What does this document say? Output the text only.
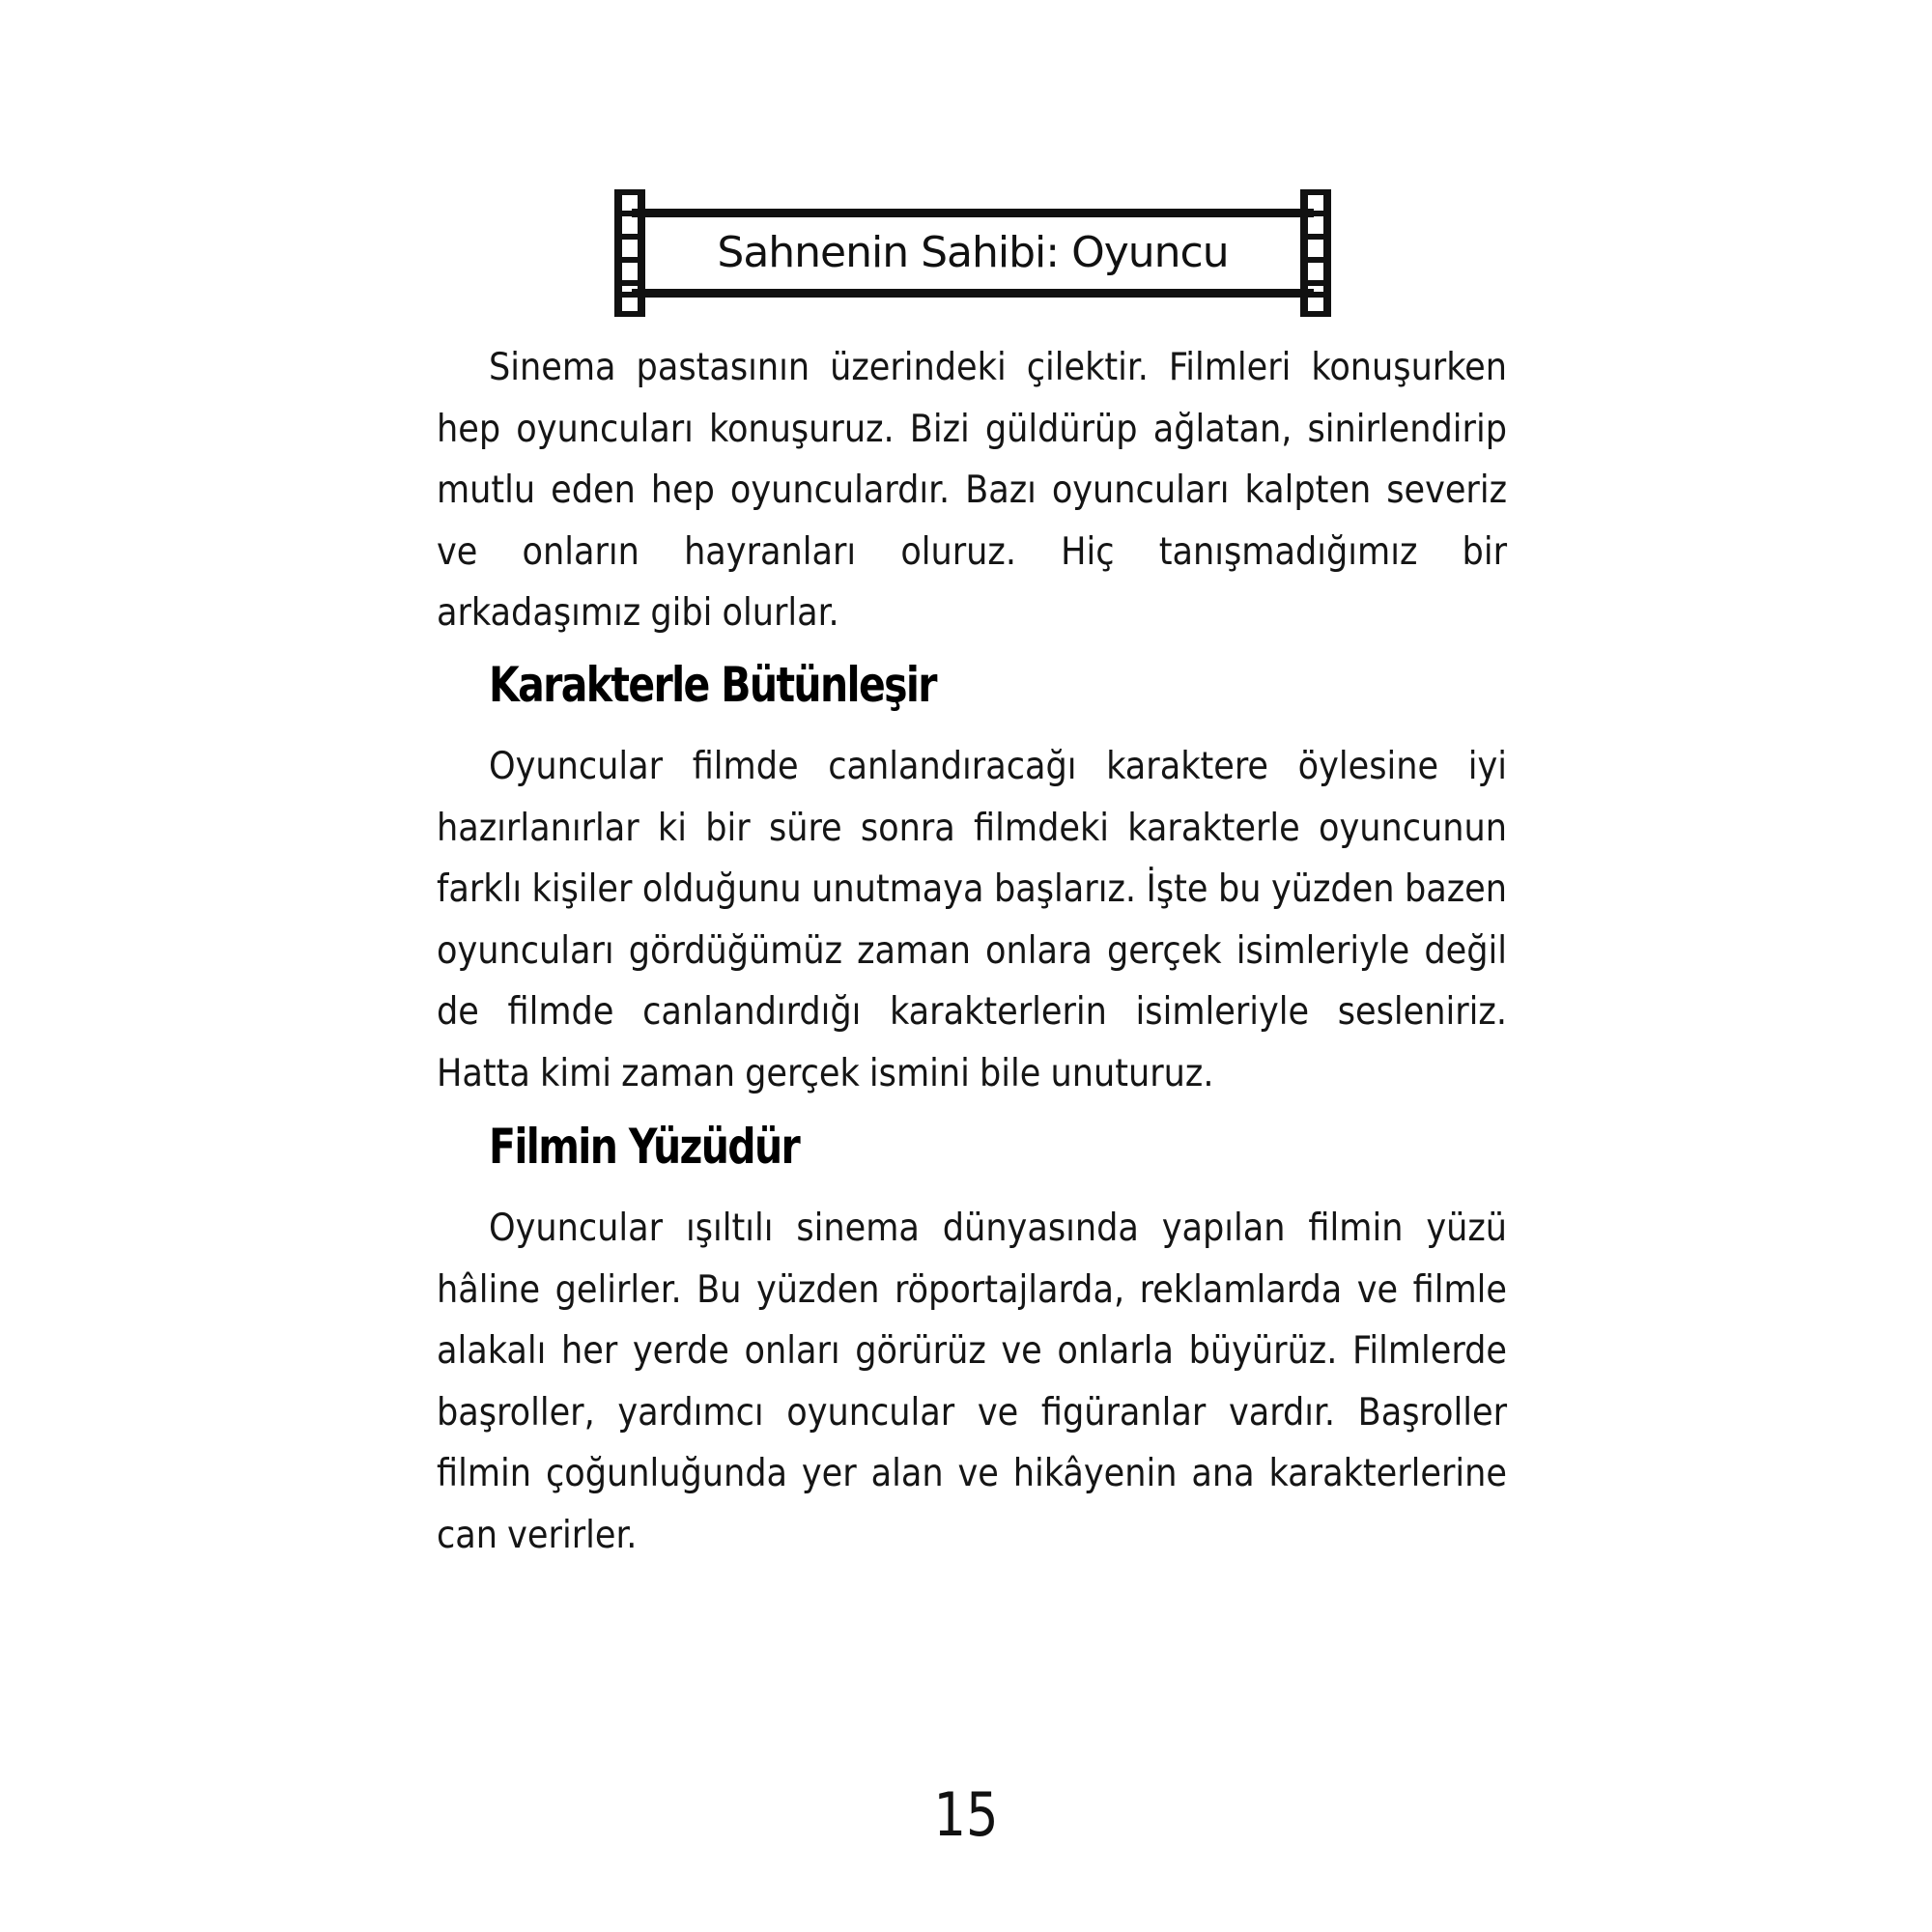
Sahnenin Sahibi: Oyuncu

Sinema pastasının üzerindeki çilektir. Filmleri konuşurken hep oyuncuları konuşuruz. Bizi güldürüp ağlatan, sinirlendirip mutlu eden hep oyunculardır. Bazı oyuncuları kalpten severiz ve onların hayranları oluruz. Hiç tanışmadığımız bir arkadaşımız gibi olurlar.

Karakterle Bütünleşir

Oyuncular filmde canlandıracağı karaktere öylesine iyi hazırlanırlar ki bir süre sonra filmdeki karakterle oyuncunun farklı kişiler olduğunu unutmaya başlarız. İşte bu yüzden bazen oyuncuları gördüğümüz zaman onlara gerçek isimleriyle değil de filmde canlandırdığı karakterlerin isimleriyle sesleniriz. Hatta kimi zaman gerçek ismini bile unuturuz.

Filmin Yüzüdür

Oyuncular ışıltılı sinema dünyasında yapılan filmin yüzü hâline gelirler. Bu yüzden röportajlarda, reklamlarda ve filmle alakalı her yerde onları görürüz ve onlarla büyürüz. Filmlerde başroller, yardımcı oyuncular ve figüranlar vardır. Başroller filmin çoğunluğunda yer alan ve hikâyenin ana karakterlerine can verirler.

15
